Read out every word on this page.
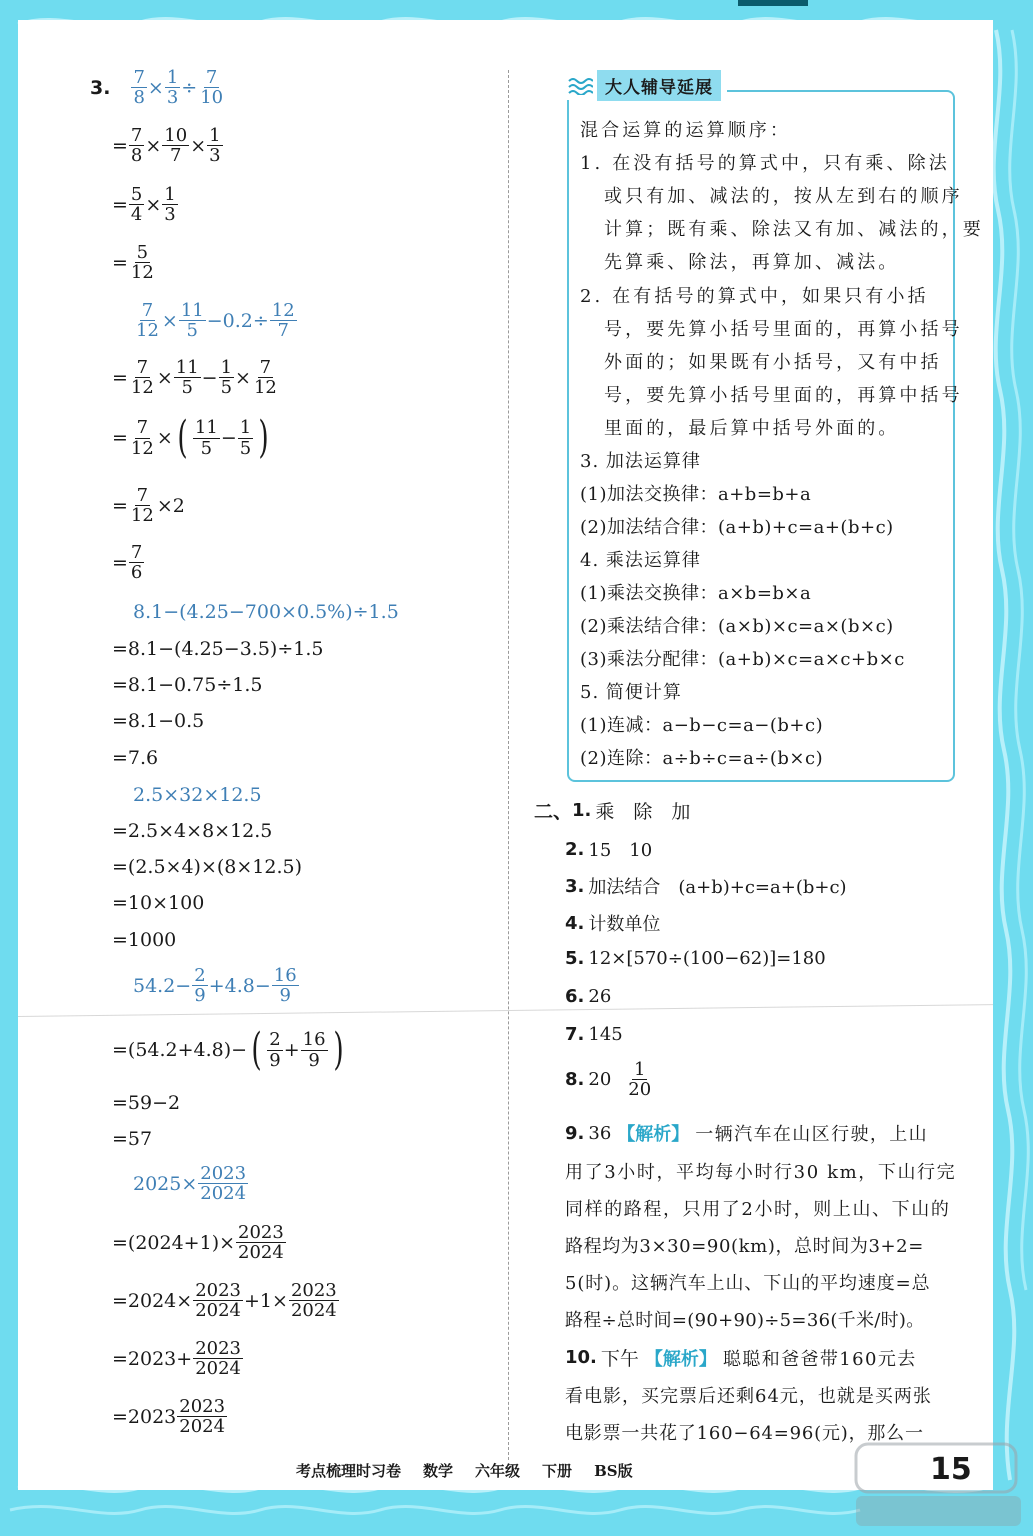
3. $\frac{7}{8} \times \frac{1}{3} \div \frac{7}{10}$
= $\frac{7}{8} \times \frac{10}{7} \times \frac{1}{3}$
= $\frac{5}{4} \times \frac{1}{3}$
= $\frac{5}{12}$
$\frac{7}{12} \times \frac{11}{5} -0.2\div \frac{12}{7}$
= $\frac{7}{12} \times \frac{11}{5} - \frac{1}{5} \times \frac{7}{12}$
= $\frac{7}{12}$ × ( $\frac{11}{5} - \frac{1}{5}$ )
= $\frac{7}{12} \times 2$
= $\frac{7}{6}$
8.1−(4.25−700×0.5%)÷1.5
=8.1−(4.25−3.5)÷1.5
=8.1−0.75÷1.5
=8.1−0.5
=7.6
2.5×32×12.5
=2.5×4×8×12.5
=(2.5×4)×(8×12.5)
=10×100
=1000
$54.2- \frac{2}{9} +4.8- \frac{16}{9}$
=(54.2+4.8)− ( $\frac{2}{9} + \frac{16}{9}$ )
=59−2
=57
$2025\times \frac{2023}{2024}$
$=(2024+1)\times \frac{2023}{2024}$
$=2024\times \frac{2023}{2024} +1\times \frac{2023}{2024}$
$=2023+ \frac{2023}{2024}$
$=2023 \frac{2023}{2024}$
大人辅导延展
混合运算的运算顺序：
1. 在没有括号的算式中，只有乘、除法
或只有加、减法的，按从左到右的顺序
计算；既有乘、除法又有加、减法的，要
先算乘、除法，再算加、减法。
2. 在有括号的算式中，如果只有小括
号，要先算小括号里面的，再算小括号
外面的；如果既有小括号，又有中括
号，要先算小括号里面的，再算中括号
里面的，最后算中括号外面的。
3. 加法运算律
(1)加法交换律：a+b=b+a
(2)加法结合律：(a+b)+c=a+(b+c)
4. 乘法运算律
(1)乘法交换律：a×b=b×a
(2)乘法结合律：(a×b)×c=a×(b×c)
(3)乘法分配律：(a+b)×c=a×c+b×c
5. 简便计算
(1)连减：a−b−c=a−(b+c)
(2)连除：a÷b÷c=a÷(b×c)
二、 1. 乘　除　加
2. 15　10
3. 加法结合　(a+b)+c=a+(b+c)
4. 计数单位
5. 12×[570÷(100−62)]=180
6. 26
7. 145
8. $20 \frac{1}{20}$
9. 36 【解析】 一辆汽车在山区行驶，上山
用了3小时，平均每小时行30 km，下山行完
同样的路程，只用了2小时，则上山、下山的
路程均为3×30=90(km)，总时间为3+2=
5(时)。这辆汽车上山、下山的平均速度=总
路程÷总时间=(90+90)÷5=36(千米/时)。
10. 下午 【解析】 聪聪和爸爸带160元去
看电影，买完票后还剩64元，也就是买两张
电影票一共花了160−64=96(元)，那么一
考点梳理时习卷 数学 六年级 下册 BS版	15
